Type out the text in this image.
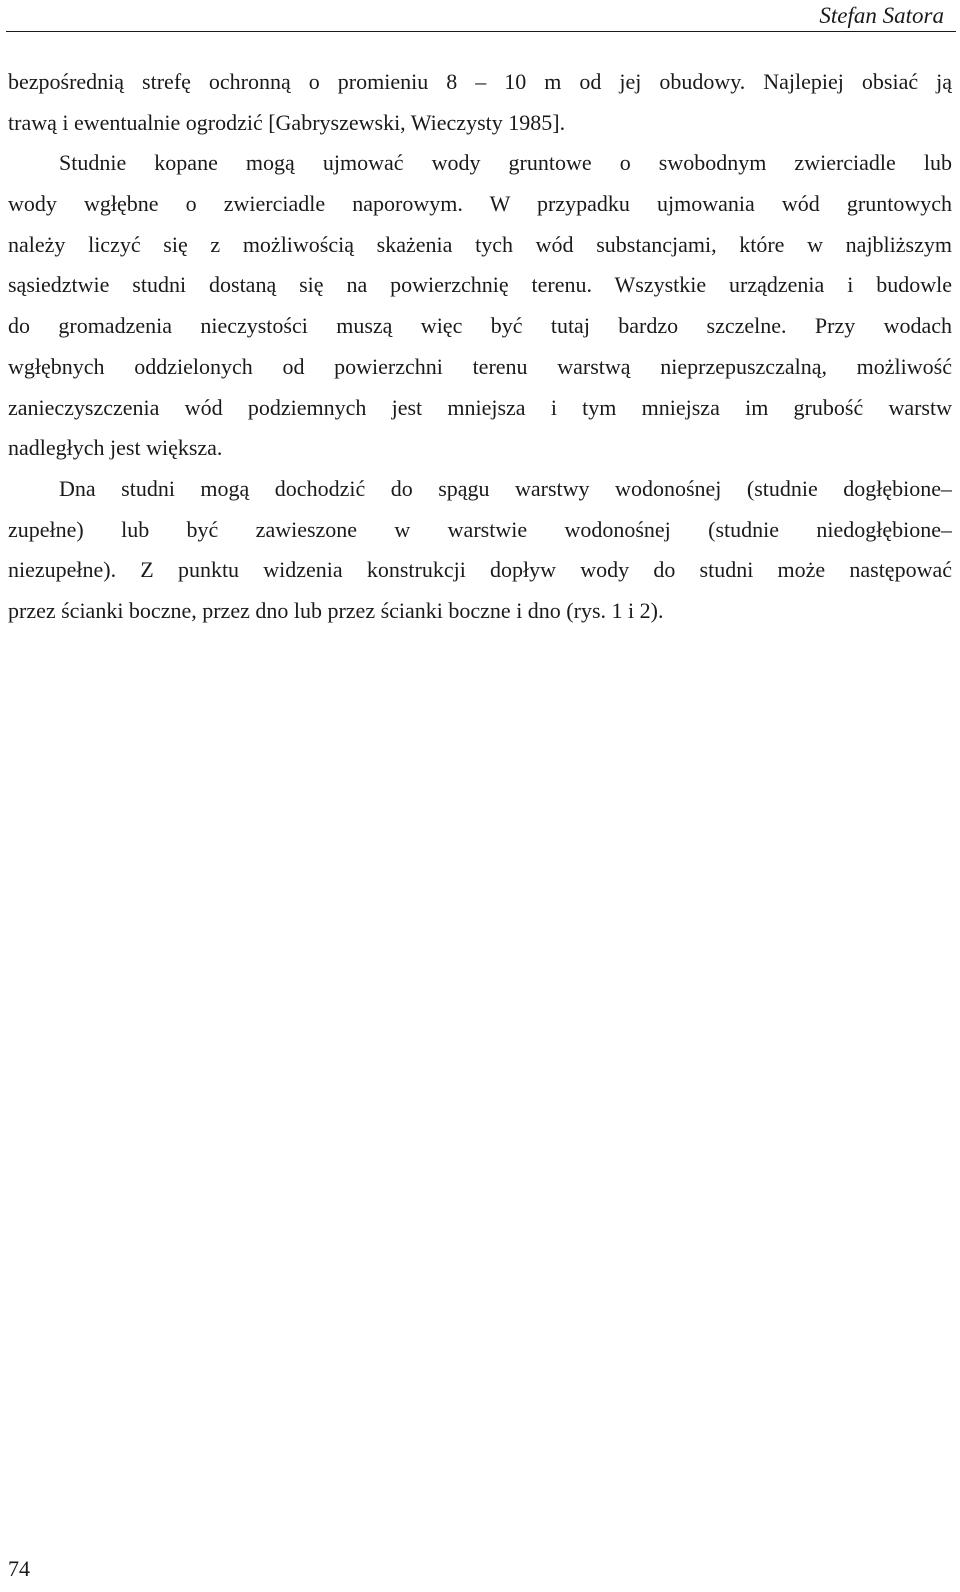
Stefan Satora
bezpośrednią strefę ochronną o promieniu 8 – 10 m od jej obudowy. Najlepiej obsiać ją
trawą i ewentualnie ogrodzić [Gabryszewski, Wieczysty 1985].
Studnie kopane mogą ujmować wody gruntowe o swobodnym zwierciadle lub
wody wgłębne o zwierciadle naporowym. W przypadku ujmowania wód gruntowych
należy liczyć się z możliwością skażenia tych wód substancjami, które w najbliższym
sąsiedztwie studni dostaną się na powierzchnię terenu. Wszystkie urządzenia i budowle
do gromadzenia nieczystości muszą więc być tutaj bardzo szczelne. Przy wodach
wgłębnych oddzielonych od powierzchni terenu warstwą nieprzepuszczalną, możliwość
zanieczyszczenia wód podziemnych jest mniejsza i tym mniejsza im grubość warstw
nadległych jest większa.
Dna studni mogą dochodzić do spągu warstwy wodonośnej (studnie dogłębione–
zupełne) lub być zawieszone w warstwie wodonośnej (studnie niedogłębione–
niezupełne). Z punktu widzenia konstrukcji dopływ wody do studni może następować
przez ścianki boczne, przez dno lub przez ścianki boczne i dno (rys. 1 i 2).
74
